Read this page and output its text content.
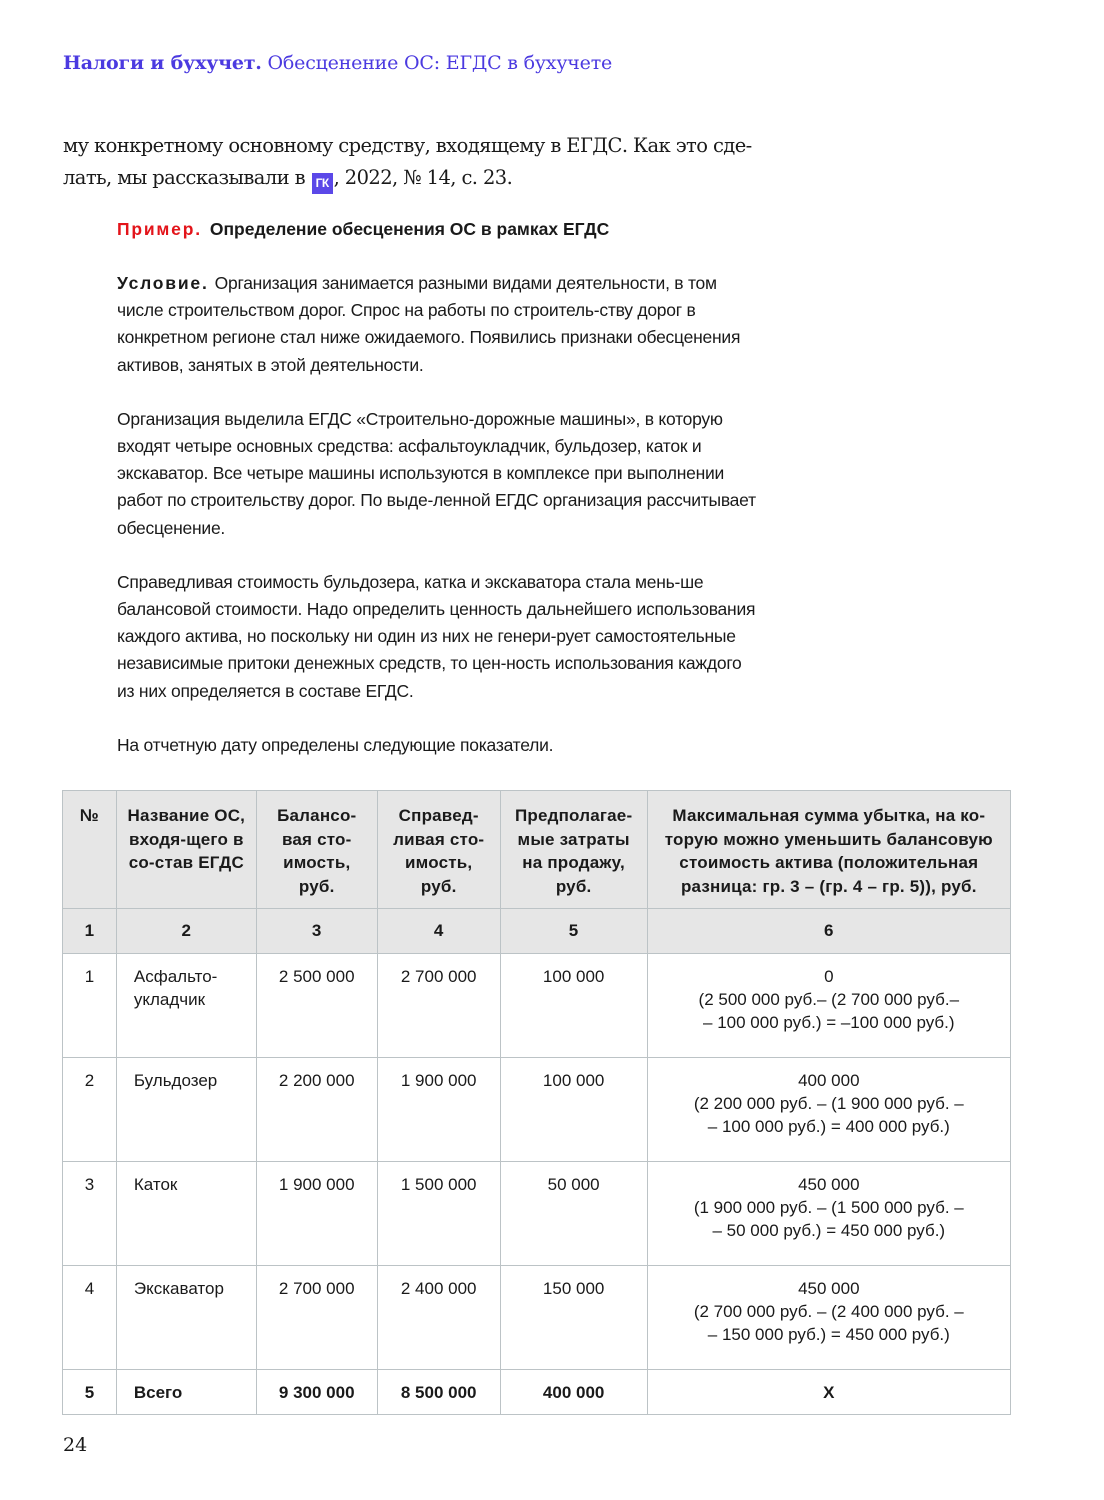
Налоги и бухучет. Обесценение ОС: ЕГДС в бухучете
му конкретному основному средству, входящему в ЕГДС. Как это сде-
лать, мы рассказывали в ГК , 2022, № 14, с. 23.
Пример. Определение обесценения ОС в рамках ЕГДС
Условие. Организация занимается разными видами деятельности, в том числе строительством дорог. Спрос на работы по строитель-ству дорог в конкретном регионе стал ниже ожидаемого. Появились признаки обесценения активов, занятых в этой деятельности.
Организация выделила ЕГДС «Строительно-дорожные машины», в которую входят четыре основных средства: асфальтоукладчик, бульдозер, каток и экскаватор. Все четыре машины используются в комплексе при выполнении работ по строительству дорог. По выде-ленной ЕГДС организация рассчитывает обесценение.
Справедливая стоимость бульдозера, катка и экскаватора стала мень-ше балансовой стоимости. Надо определить ценность дальнейшего использования каждого актива, но поскольку ни один из них не генери-рует самостоятельные независимые притоки денежных средств, то цен-ность использования каждого из них определяется в составе ЕГДС.
На отчетную дату определены следующие показатели.
№	Название ОС, входя-щего в со-став ЕГДС	Балансо-вая сто-имость, руб.	Справед-ливая сто-имость, руб.	Предполагае-мые затраты на продажу, руб.	Максимальная сумма убытка, на ко-торую можно уменьшить балансовую стоимость актива (положительная разница: гр. 3 – (гр. 4 – гр. 5)), руб.
1	2	3	4	5	6
1	Асфальто-укладчик	2 500 000	2 700 000	100 000	0
(2 500 000 руб.– (2 700 000 руб.–
– 100 000 руб.) = –100 000 руб.)

2	Бульдозер	2 200 000	1 900 000	100 000	400 000
(2 200 000 руб. – (1 900 000 руб. –
– 100 000 руб.) = 400 000 руб.)

3	Каток	1 900 000	1 500 000	50 000	450 000
(1 900 000 руб. – (1 500 000 руб. –
– 50 000 руб.) = 450 000 руб.)

4	Экскаватор	2 700 000	2 400 000	150 000	450 000
(2 700 000 руб. – (2 400 000 руб. –
– 150 000 руб.) = 450 000 руб.)

5	Всего	9 300 000	8 500 000	400 000	Х
24
